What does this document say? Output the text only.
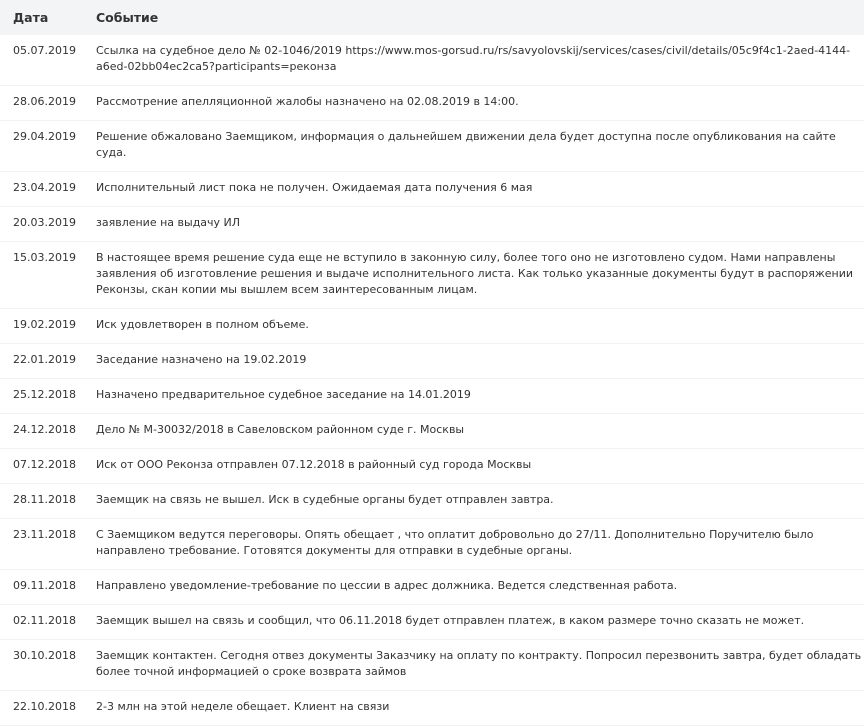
Дата	Событие
05.07.2019	Ссылка на судебное дело № 02-1046/2019 https://www.mos-gorsud.ru/rs/savyolovskij/services/cases/civil/details/05c9f4c1-2aed-4144-a6ed-02bb04ec2ca5?participants=реконза
28.06.2019	Рассмотрение апелляционной жалобы назначено на 02.08.2019 в 14:00.
29.04.2019	Решение обжаловано Заемщиком, информация о дальнейшем движении дела будет доступна после опубликования на сайте суда.
23.04.2019	Исполнительный лист пока не получен. Ожидаемая дата получения 6 мая
20.03.2019	заявление на выдачу ИЛ
15.03.2019	В настоящее время решение суда еще не вступило в законную силу, более того оно не изготовлено судом. Нами направлены заявления об изготовление решения и выдаче исполнительного листа. Как только указанные документы будут в распоряжении Реконзы, скан копии мы вышлем всем заинтересованным лицам.
19.02.2019	Иск удовлетворен в полном объеме.
22.01.2019	Заседание назначено на 19.02.2019
25.12.2018	Назначено предварительное судебное заседание на 14.01.2019
24.12.2018	Дело № М-30032/2018 в Савеловском районном суде г. Москвы
07.12.2018	Иск от ООО Реконза отправлен 07.12.2018 в районный суд города Москвы
28.11.2018	Заемщик на связь не вышел. Иск в судебные органы будет отправлен завтра.
23.11.2018	С Заемщиком ведутся переговоры. Опять обещает , что оплатит добровольно до 27/11. Дополнительно Поручителю было направлено требование. Готовятся документы для отправки в судебные органы.
09.11.2018	Направлено уведомление-требование по цессии в адрес должника. Ведется следственная работа.
02.11.2018	Заемщик вышел на связь и сообщил, что 06.11.2018 будет отправлен платеж, в каком размере точно сказать не может.
30.10.2018	Заемщик контактен. Сегодня отвез документы Заказчику на оплату по контракту. Попросил перезвонить завтра, будет обладать более точной информацией о сроке возврата займов
22.10.2018	2-3 млн на этой неделе обещает. Клиент на связи
